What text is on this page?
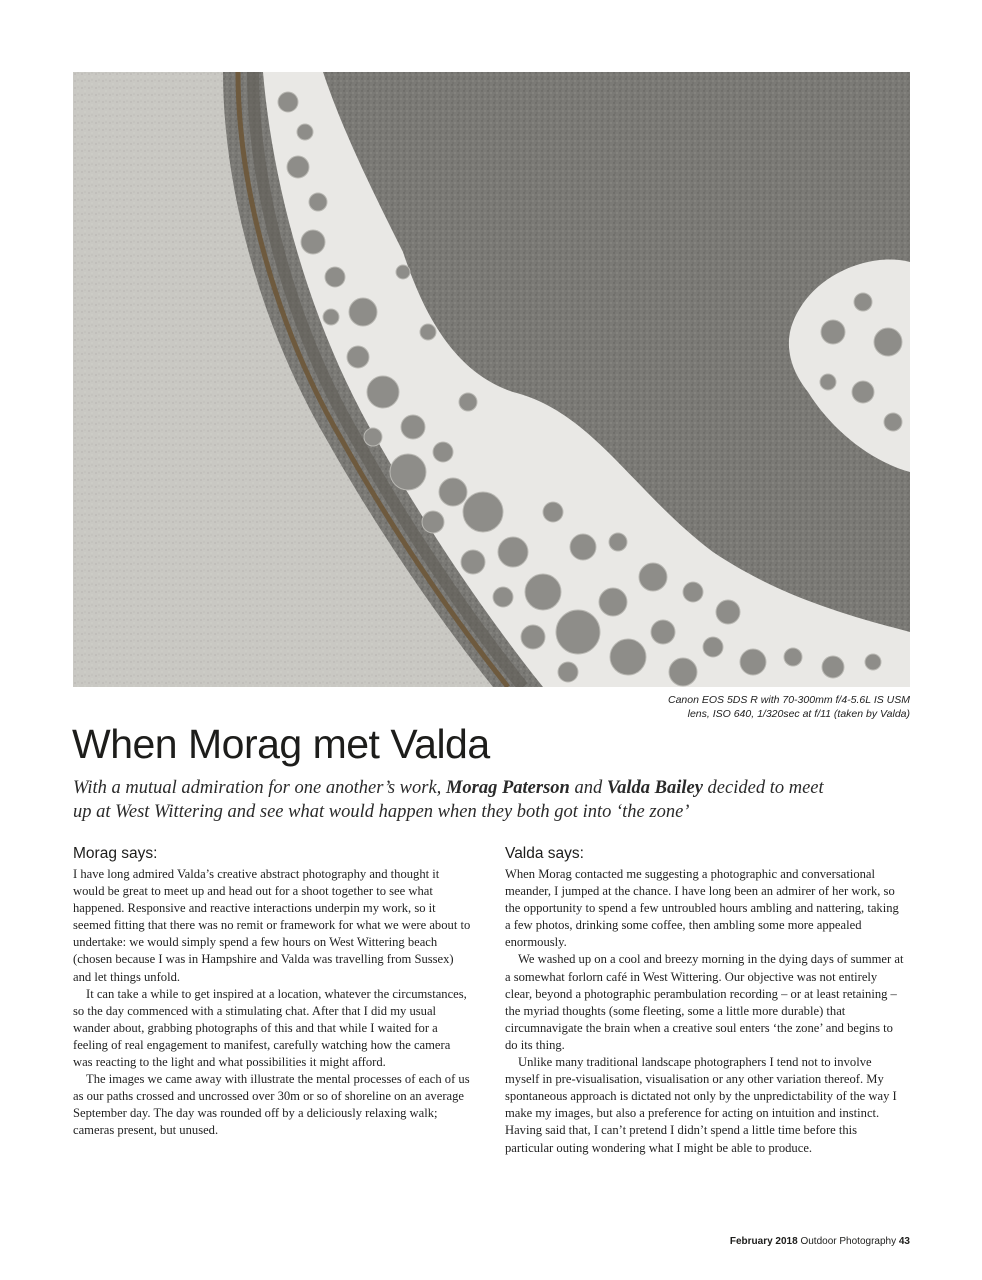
Canon EOS 5DS R with 70-300mm f/4-5.6L IS USM
lens, ISO 640, 1/320sec at f/11 (taken by Valda)
When Morag met Valda

With a mutual admiration for one another’s work, Morag Paterson and Valda Bailey decided to meet up at West Wittering and see what would happen when they both got into ‘the zone’

Morag says:

I have long admired Valda’s creative abstract photography and thought it would be great to meet up and head out for a shoot together to see what happened. Responsive and reactive interactions underpin my work, so it seemed fitting that there was no remit or framework for what we were about to undertake: we would simply spend a few hours on West Wittering beach (chosen because I was in Hampshire and Valda was travelling from Sussex) and let things unfold.

It can take a while to get inspired at a location, whatever the circumstances, so the day commenced with a stimulating chat. After that I did my usual wander about, grabbing photographs of this and that while I waited for a feeling of real engagement to manifest, carefully watching how the camera was reacting to the light and what possibilities it might afford.

The images we came away with illustrate the mental processes of each of us as our paths crossed and uncrossed over 30m or so of shoreline on an average September day. The day was rounded off by a deliciously relaxing walk; cameras present, but unused.

Valda says:

When Morag contacted me suggesting a photographic and conversational meander, I jumped at the chance. I have long been an admirer of her work, so the opportunity to spend a few untroubled hours ambling and nattering, taking a few photos, drinking some coffee, then ambling some more appealed enormously.

We washed up on a cool and breezy morning in the dying days of summer at a somewhat forlorn café in West Wittering. Our objective was not entirely clear, beyond a photographic perambulation recording – or at least retaining – the myriad thoughts (some fleeting, some a little more durable) that circumnavigate the brain when a creative soul enters ‘the zone’ and begins to do its thing.

Unlike many traditional landscape photographers I tend not to involve myself in pre-visualisation, visualisation or any other variation thereof. My spontaneous approach is dictated not only by the unpredictability of the way I make my images, but also a preference for acting on intuition and instinct. Having said that, I can’t pretend I didn’t spend a little time before this particular outing wondering what I might be able to produce.

February 2018 Outdoor Photography 43
